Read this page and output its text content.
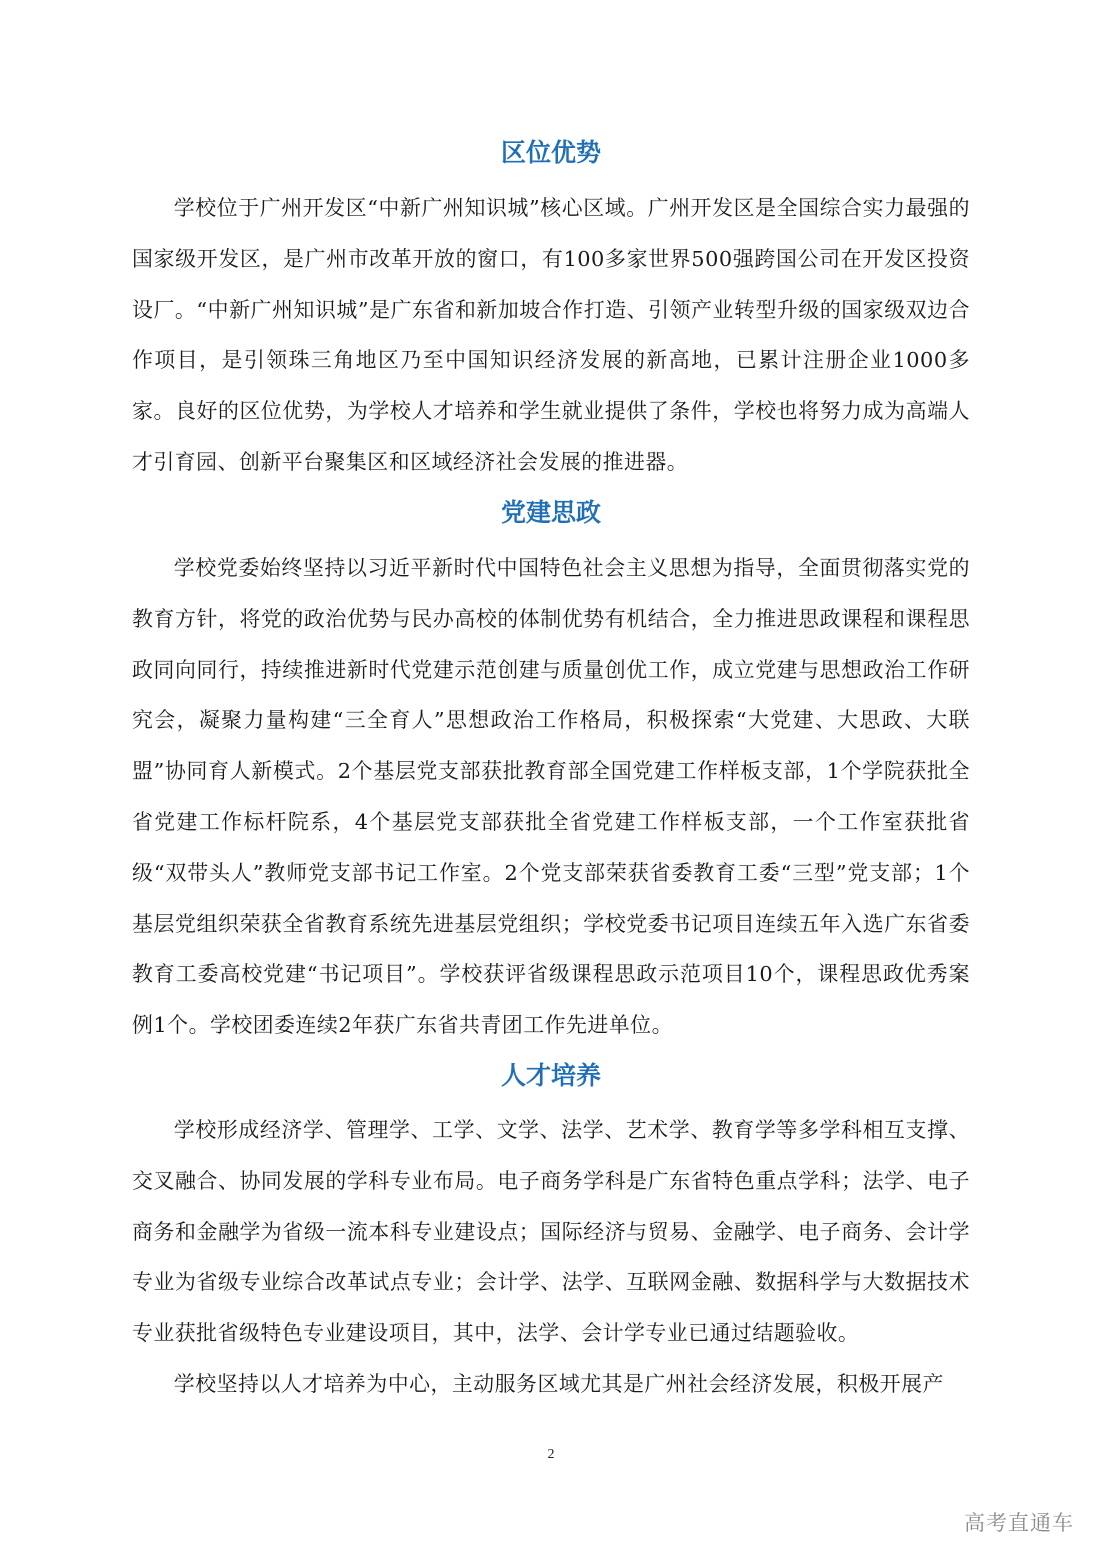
区位优势

学校位于广州开发区“中新广州知识城”核心区域。广州开发区是全国综合实力最强的国家级开发区，是广州市改革开放的窗口，有100多家世界500强跨国公司在开发区投资设厂。“中新广州知识城”是广东省和新加坡合作打造、引领产业转型升级的国家级双边合作项目，是引领珠三角地区乃至中国知识经济发展的新高地，已累计注册企业1000多家。良好的区位优势，为学校人才培养和学生就业提供了条件，学校也将努力成为高端人才引育园、创新平台聚集区和区域经济社会发展的推进器。

党建思政

学校党委始终坚持以习近平新时代中国特色社会主义思想为指导，全面贯彻落实党的教育方针，将党的政治优势与民办高校的体制优势有机结合，全力推进思政课程和课程思政同向同行，持续推进新时代党建示范创建与质量创优工作，成立党建与思想政治工作研究会，凝聚力量构建“三全育人”思想政治工作格局，积极探索“大党建、大思政、大联盟”协同育人新模式。2个基层党支部获批教育部全国党建工作样板支部，1个学院获批全省党建工作标杆院系，4个基层党支部获批全省党建工作样板支部，一个工作室获批省级“双带头人”教师党支部书记工作室。2个党支部荣获省委教育工委“三型”党支部；1个基层党组织荣获全省教育系统先进基层党组织；学校党委书记项目连续五年入选广东省委教育工委高校党建“书记项目”。学校获评省级课程思政示范项目10个，课程思政优秀案例1个。学校团委连续2年获广东省共青团工作先进单位。

人才培养

学校形成经济学、管理学、工学、文学、法学、艺术学、教育学等多学科相互支撑、交叉融合、协同发展的学科专业布局。电子商务学科是广东省特色重点学科；法学、电子商务和金融学为省级一流本科专业建设点；国际经济与贸易、金融学、电子商务、会计学专业为省级专业综合改革试点专业；会计学、法学、互联网金融、数据科学与大数据技术专业获批省级特色专业建设项目，其中，法学、会计学专业已通过结题验收。

学校坚持以人才培养为中心，主动服务区域尤其是广州社会经济发展，积极开展产

2
高考直通车
